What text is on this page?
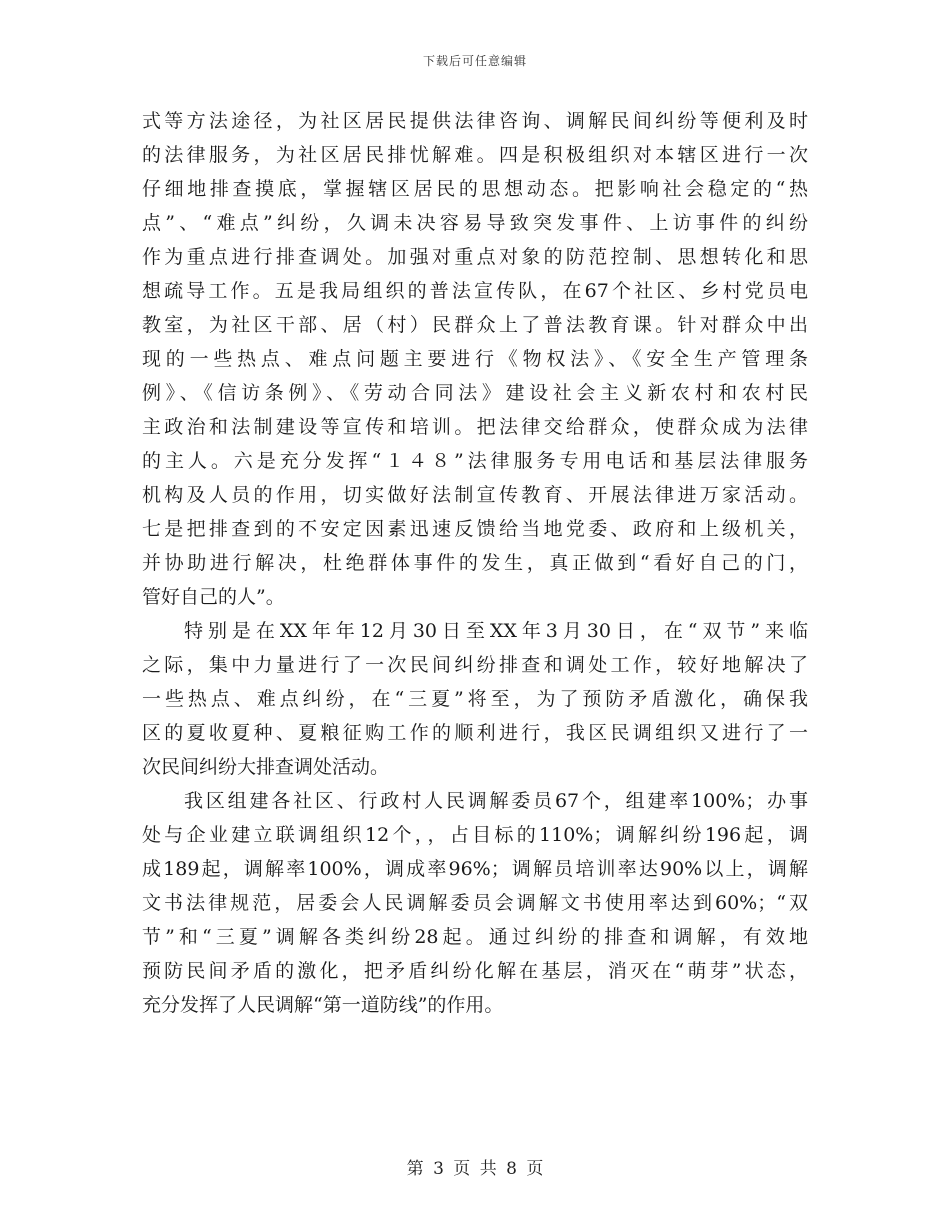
下载后可任意编辑
式等方法途径，为社区居民提供法律咨询、调解民间纠纷等便利及时
的法律服务，为社区居民排忧解难。四是积极组织对本辖区进行一次
仔细地排查摸底，掌握辖区居民的思想动态。把影响社会稳定的“热
点”、“难点”纠纷，久调未决容易导致突发事件、上访事件的纠纷
作为重点进行排查调处。加强对重点对象的防范控制、思想转化和思
想疏导工作。五是我局组织的普法宣传队，在67个社区、乡村党员电
教室，为社区干部、居（村）民群众上了普法教育课。针对群众中出
现的一些热点、难点问题主要进行《物权法》、《安全生产管理条
例》、《信访条例》、《劳动合同法》建设社会主义新农村和农村民
主政治和法制建设等宣传和培训。把法律交给群众，使群众成为法律
的主人。六是充分发挥“１４８”法律服务专用电话和基层法律服务
机构及人员的作用，切实做好法制宣传教育、开展法律进万家活动。
七是把排查到的不安定因素迅速反馈给当地党委、政府和上级机关，
并协助进行解决，杜绝群体事件的发生，真正做到“看好自己的门，
管好自己的人”。
特别是在XX年年12月30日至XX年3月30日，在“双节”来临
之际，集中力量进行了一次民间纠纷排查和调处工作，较好地解决了
一些热点、难点纠纷，在“三夏”将至，为了预防矛盾激化，确保我
区的夏收夏种、夏粮征购工作的顺利进行，我区民调组织又进行了一
次民间纠纷大排查调处活动。
我区组建各社区、行政村人民调解委员67个，组建率100%；办事
处与企业建立联调组织12个，，占目标的110%；调解纠纷196起，调
成189起，调解率100%，调成率96%；调解员培训率达90%以上，调解
文书法律规范，居委会人民调解委员会调解文书使用率达到60%；“双
节”和“三夏”调解各类纠纷28起。通过纠纷的排查和调解，有效地
预防民间矛盾的激化，把矛盾纠纷化解在基层，消灭在“萌芽”状态，
充分发挥了人民调解“第一道防线”的作用。
第 3 页 共 8 页
